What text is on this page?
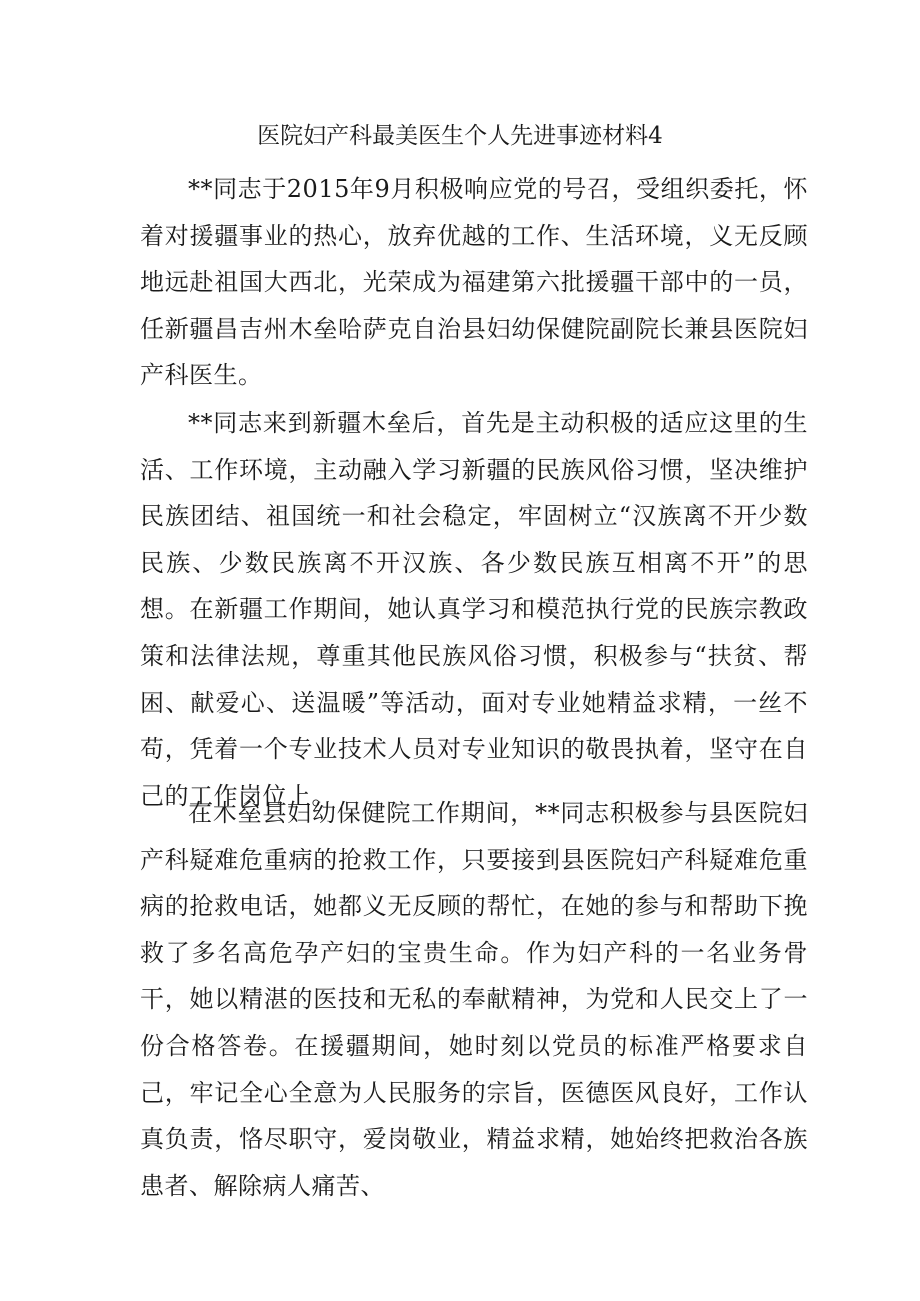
医院妇产科最美医生个人先进事迹材料4

**同志于2015年9月积极响应党的号召，受组织委托，怀着对援疆事业的热心，放弃优越的工作、生活环境，义无反顾地远赴祖国大西北，光荣成为福建第六批援疆干部中的一员，任新疆昌吉州木垒哈萨克自治县妇幼保健院副院长兼县医院妇产科医生。

**同志来到新疆木垒后，首先是主动积极的适应这里的生活、工作环境，主动融入学习新疆的民族风俗习惯，坚决维护民族团结、祖国统一和社会稳定，牢固树立“汉族离不开少数民族、少数民族离不开汉族、各少数民族互相离不开”的思想。在新疆工作期间，她认真学习和模范执行党的民族宗教政策和法律法规，尊重其他民族风俗习惯，积极参与“扶贫、帮困、献爱心、送温暖”等活动，面对专业她精益求精，一丝不苟，凭着一个专业技术人员对专业知识的敬畏执着，坚守在自己的工作岗位上。

在木垒县妇幼保健院工作期间，**同志积极参与县医院妇产科疑难危重病的抢救工作，只要接到县医院妇产科疑难危重病的抢救电话，她都义无反顾的帮忙，在她的参与和帮助下挽救了多名高危孕产妇的宝贵生命。作为妇产科的一名业务骨干，她以精湛的医技和无私的奉献精神，为党和人民交上了一份合格答卷。在援疆期间，她时刻以党员的标准严格要求自己，牢记全心全意为人民服务的宗旨，医德医风良好，工作认真负责，恪尽职守，爱岗敬业，精益求精，她始终把救治各族患者、解除病人痛苦、
